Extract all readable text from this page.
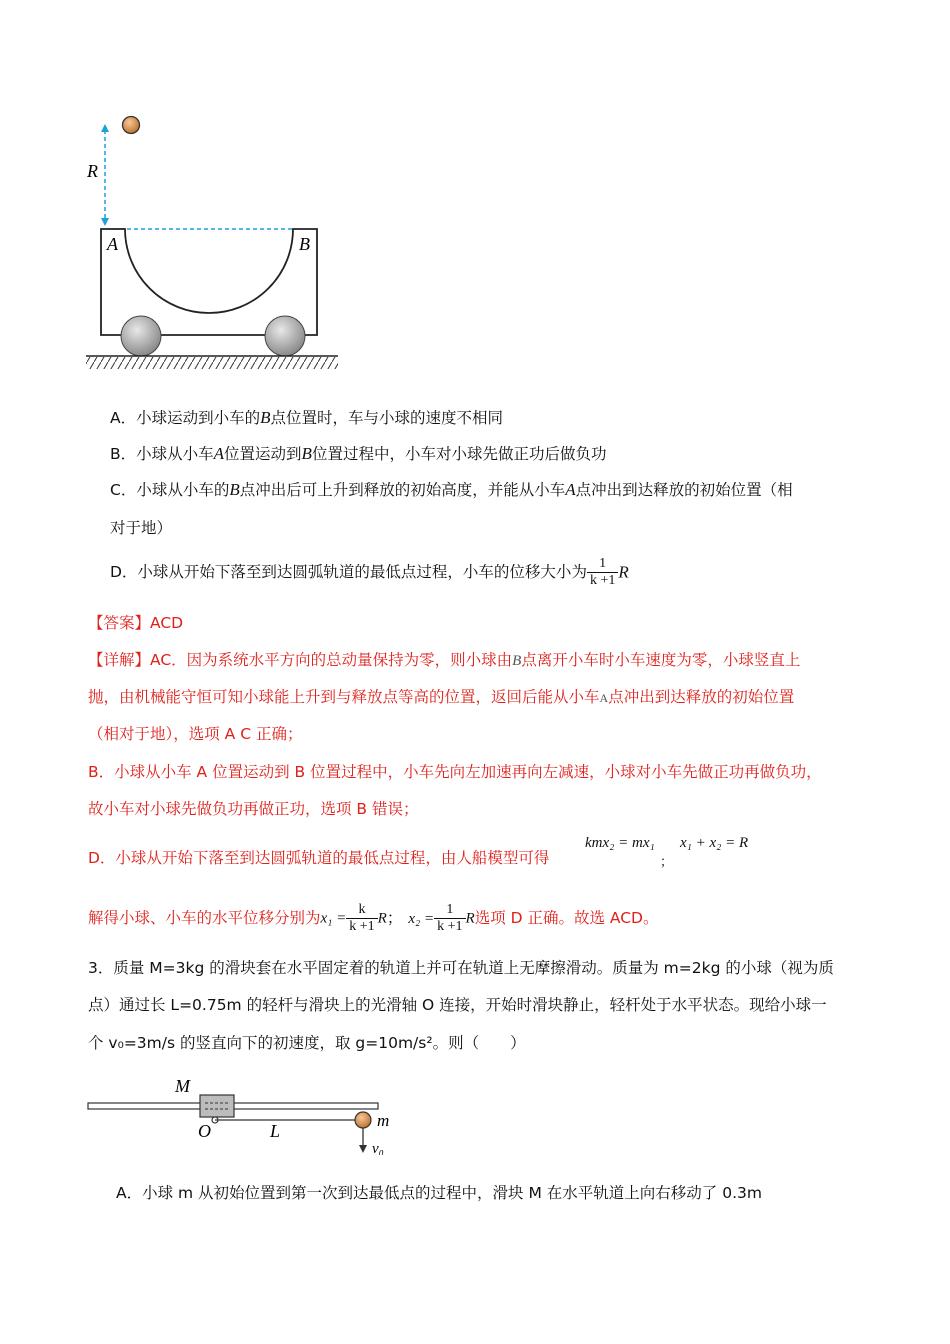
R
A	B
A．小球运动到小车的B点位置时，车与小球的速度不相同
B．小球从小车A位置运动到B位置过程中，小车对小球先做正功后做负功
C．小球从小车的B点冲出后可上升到释放的初始高度，并能从小车A点冲出到达释放的初始位置（相
对于地）
D．小球从开始下落至到达圆弧轨道的最低点过程，小车的位移大小为 $\frac{1}{k +1}$ R
【答案】ACD
【详解】AC．因为系统水平方向的总动量保持为零，则小球由B点离开小车时小车速度为零，小球竖直上
抛，由机械能守恒可知小球能上升到与释放点等高的位置，返回后能从小车A点冲出到达释放的初始位置
（相对于地），选项 A C 正确；
B．小球从小车 A 位置运动到 B 位置过程中，小车先向左加速再向左减速，小球对小车先做正功再做负功，
故小车对小球先做负功再做正功，选项 B 错误；
D．小球从开始下落至到达圆弧轨道的最低点过程，由人船模型可得
kmx₂ = mx₁
；
x₁ + x₂ = R
解得小球、小车的水平位移分别为$x_1 = \frac{k}{k +1}$ R； $x_2 = \frac{1}{k +1}$ R选项 D 正确。故选 ACD。
3．质量 M=3kg 的滑块套在水平固定着的轨道上并可在轨道上无摩擦滑动。质量为 m=2kg 的小球（视为质
点）通过长 L=0.75m 的轻杆与滑块上的光滑轴 O 连接，开始时滑块静止，轻杆处于水平状态。现给小球一
个 v₀=3m/s 的竖直向下的初速度，取 g=10m/s²。则（　　）
M
O	L
m
v₀
A．小球 m 从初始位置到第一次到达最低点的过程中，滑块 M 在水平轨道上向右移动了 0.3m
